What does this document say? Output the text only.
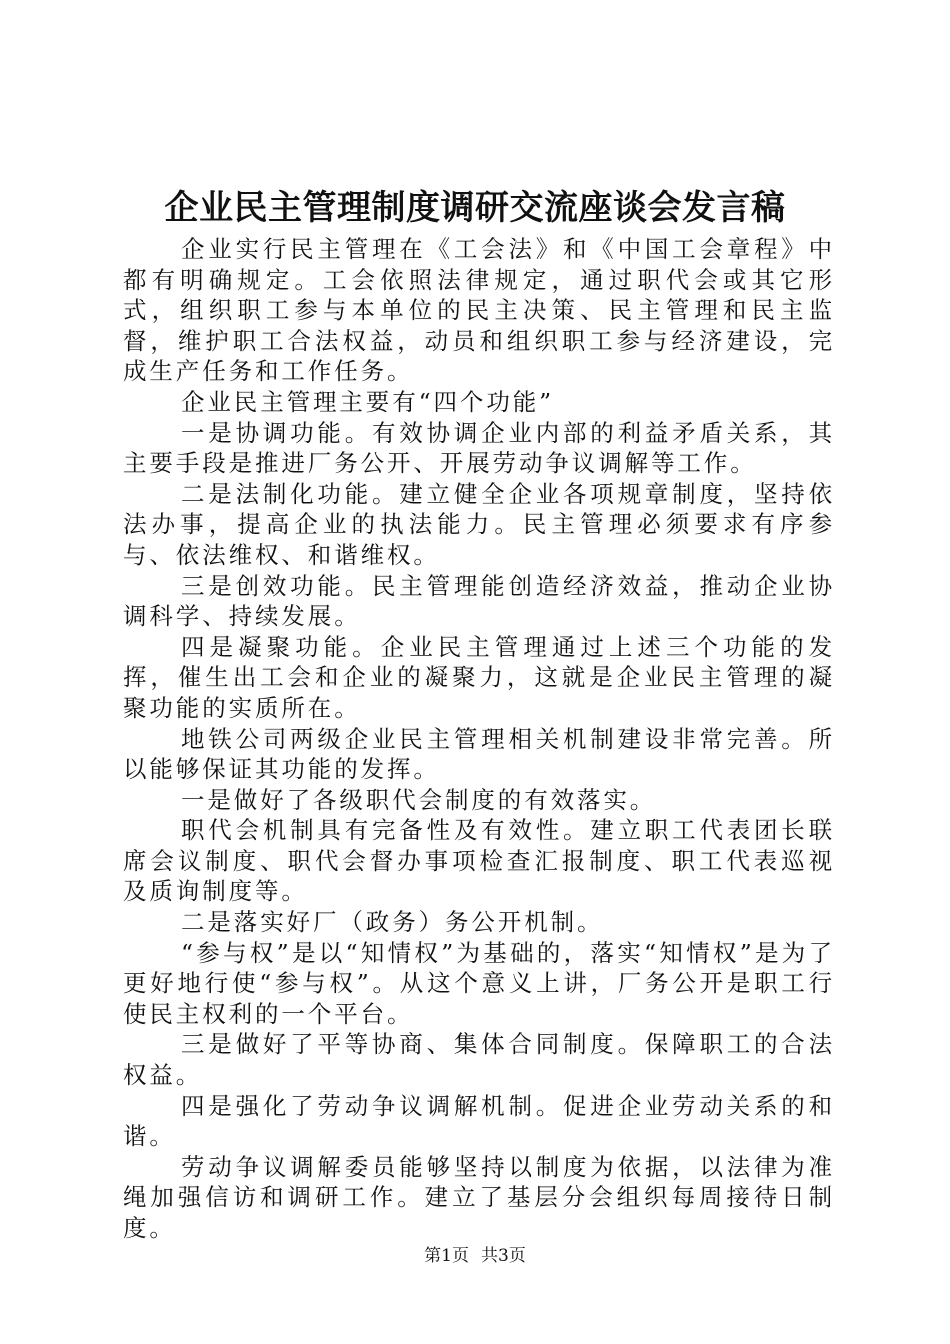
企业民主管理制度调研交流座谈会发言稿

企业实行民主管理在《工会法》和《中国工会章程》中都有明确规定。工会依照法律规定，通过职代会或其它形式，组织职工参与本单位的民主决策、民主管理和民主监督，维护职工合法权益，动员和组织职工参与经济建设，完成生产任务和工作任务。

企业民主管理主要有“四个功能”

一是协调功能。有效协调企业内部的利益矛盾关系，其主要手段是推进厂务公开、开展劳动争议调解等工作。

二是法制化功能。建立健全企业各项规章制度，坚持依法办事，提高企业的执法能力。民主管理必须要求有序参与、依法维权、和谐维权。

三是创效功能。民主管理能创造经济效益，推动企业协调科学、持续发展。

四是凝聚功能。企业民主管理通过上述三个功能的发挥，催生出工会和企业的凝聚力，这就是企业民主管理的凝聚功能的实质所在。

地铁公司两级企业民主管理相关机制建设非常完善。所以能够保证其功能的发挥。

一是做好了各级职代会制度的有效落实。

职代会机制具有完备性及有效性。建立职工代表团长联席会议制度、职代会督办事项检查汇报制度、职工代表巡视及质询制度等。

二是落实好厂（政务）务公开机制。

“参与权”是以“知情权”为基础的，落实“知情权”是为了更好地行使“参与权”。从这个意义上讲，厂务公开是职工行使民主权利的一个平台。

三是做好了平等协商、集体合同制度。保障职工的合法权益。

四是强化了劳动争议调解机制。促进企业劳动关系的和谐。

劳动争议调解委员能够坚持以制度为依据，以法律为准绳加强信访和调研工作。建立了基层分会组织每周接待日制度。

第1页 共3页
